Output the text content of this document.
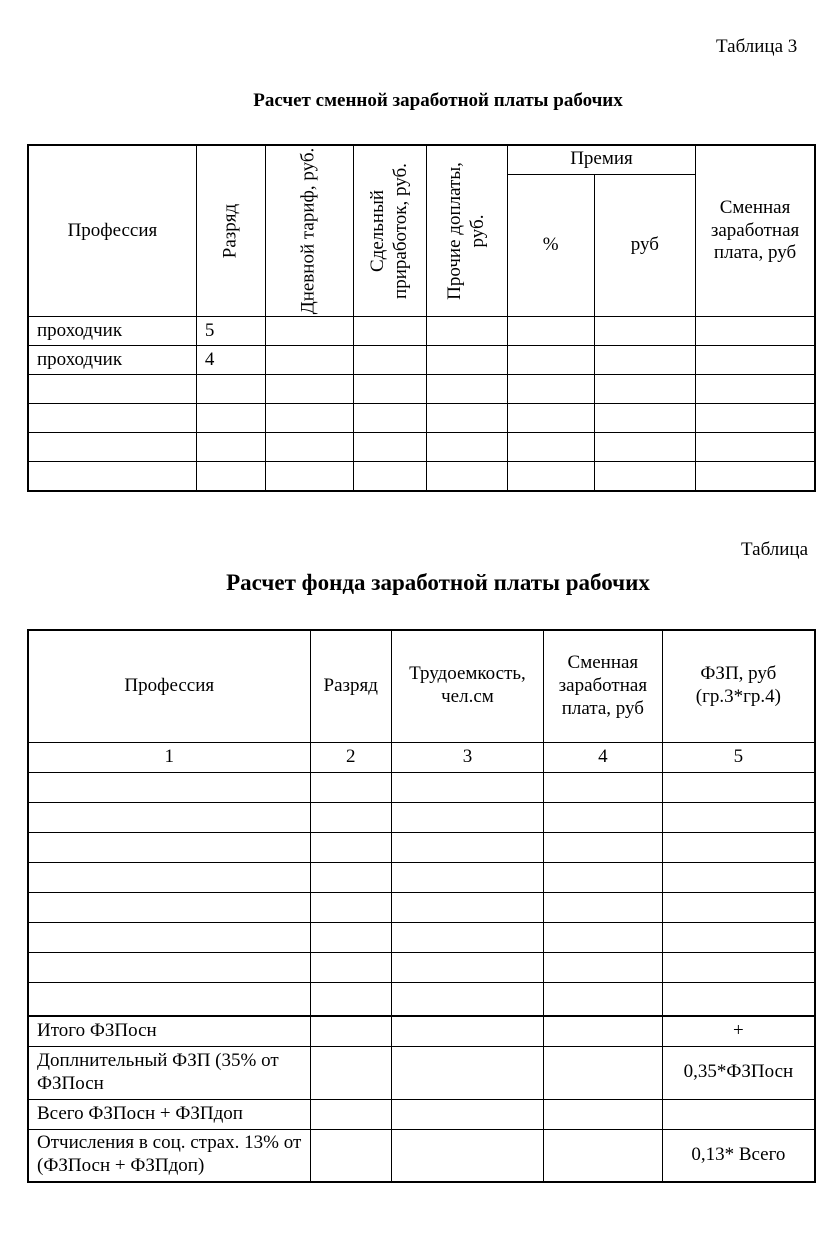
Таблица 3
Расчет сменной заработной платы рабочих
Профессия	Разряд	Дневной тариф, руб.	Сдельный приработок, руб.	Прочие доплаты, руб.	Премия		Сменная заработная плата, руб
					%	руб	
проходчик	5						
проходчик	4						

Таблица
Расчет фонда заработной платы рабочих
Профессия	Разряд	Трудоемкость, чел.см	Сменная заработная плата, руб	ФЗП, руб (гр.3*гр.4)
1	2	3	4	5

Итого ФЗПосн				+
Доплнительный ФЗП (35% от ФЗПосн				0,35*ФЗПосн
Всего ФЗПосн + ФЗПдоп				
Отчисления в соц. страх. 13% от (ФЗПосн + ФЗПдоп)				0,13* Всего
